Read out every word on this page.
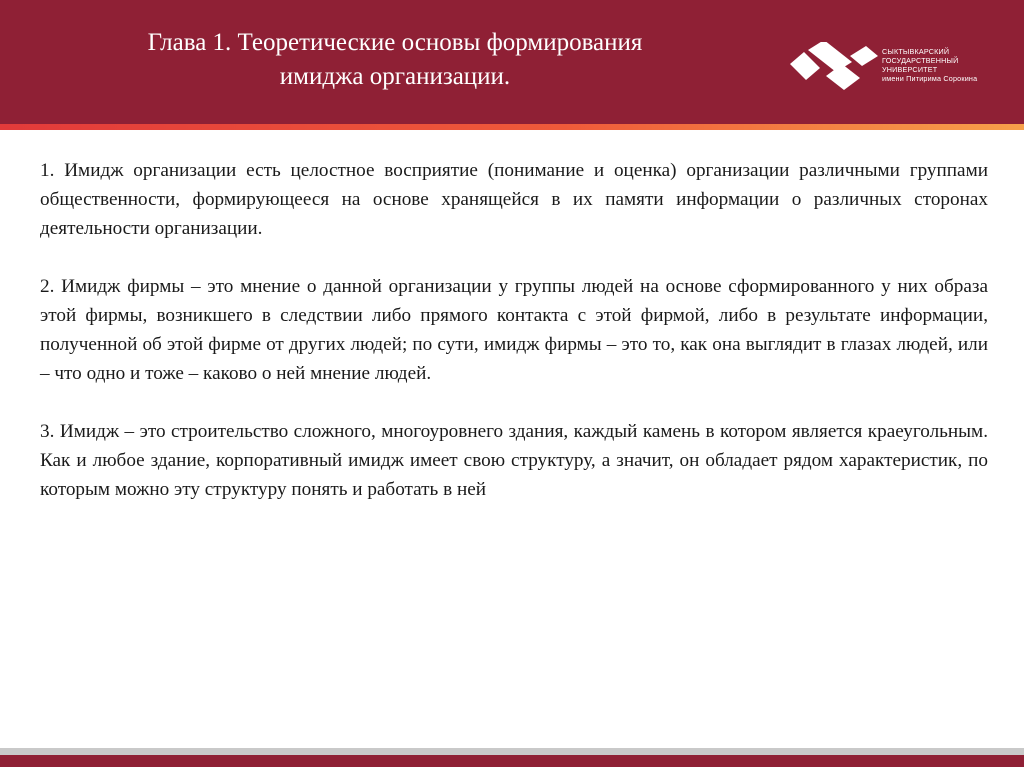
Глава 1. Теоретические основы формирования
имиджа организации.
СЫКТЫВКАРСКИЙ
ГОСУДАРСТВЕННЫЙ
УНИВЕРСИТЕТ
имени Питирима Сорокина

1. Имидж организации есть целостное восприятие (понимание и оценка) организации различными группами общественности, формирующееся на основе хранящейся в их памяти информации о различных сторонах деятельности организации.

2. Имидж фирмы – это мнение о данной организации у группы людей на основе сформированного у них образа этой фирмы, возникшего в следствии либо прямого контакта с этой фирмой, либо в результате информации, полученной об этой фирме от других людей; по сути, имидж фирмы – это то, как она выглядит в глазах людей, или – что одно и тоже – каково о ней мнение людей.

3. Имидж – это строительство сложного, многоуровнего здания, каждый камень в котором является краеугольным. Как и любое здание, корпоративный имидж имеет свою структуру, а значит, он обладает рядом характеристик, по которым можно эту структуру понять и работать в ней
